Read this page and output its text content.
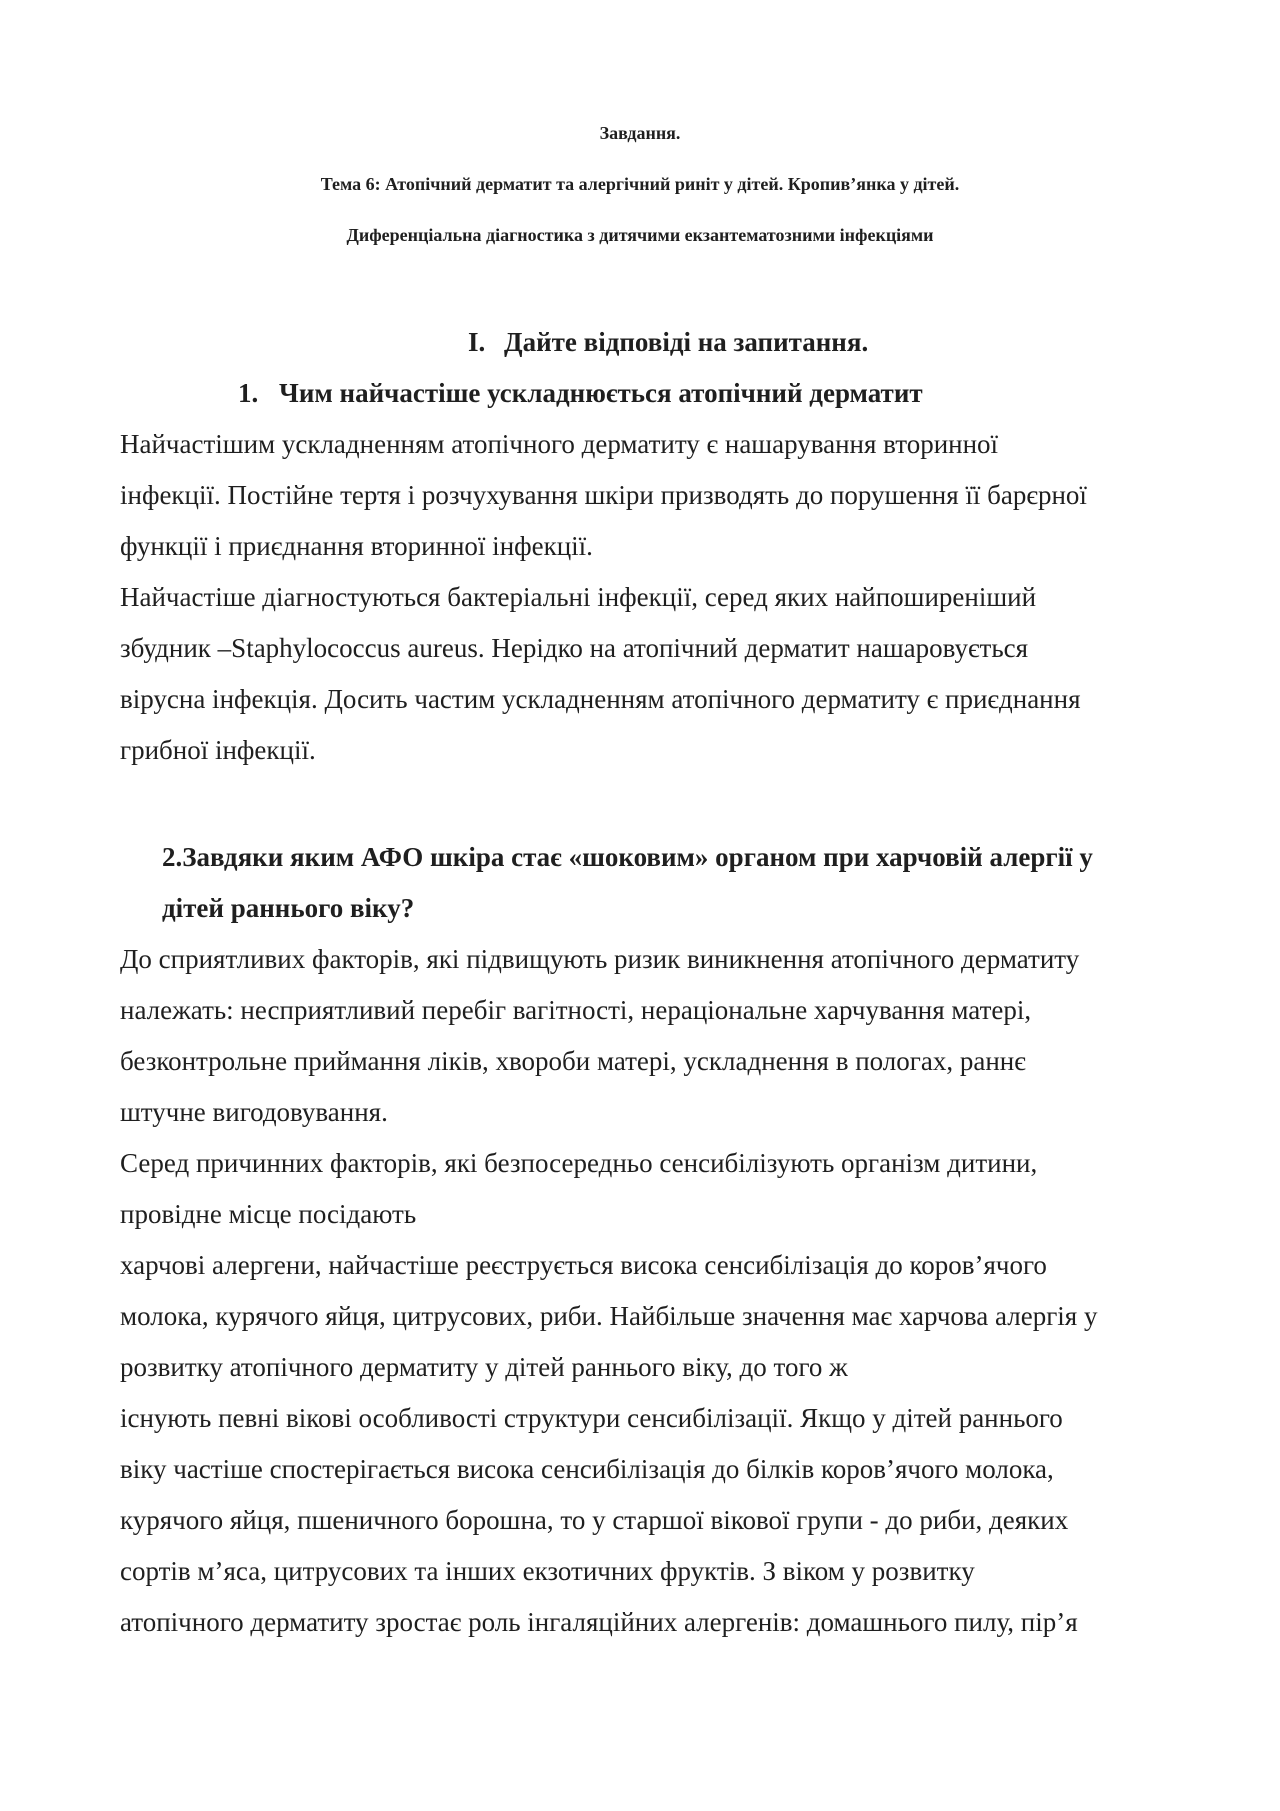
Завдання.

Тема 6: Атопічний дерматит та алергічний риніт у дітей. Кропив’янка у дітей.

Диференціальна діагностика з дитячими екзантематозними інфекціями

I. Дайте відповіді на запитання.

1. Чим найчастіше ускладнюється атопічний дерматит

Найчастішим ускладненням атопічного дерматиту є нашарування вторинної

інфекції. Постійне тертя і розчухування шкіри призводять до порушення її барєрної

функції і приєднання вторинної інфекції.

Найчастіше діагностуються бактеріальні інфекції, серед яких найпоширеніший

збудник –Staphylococcus aureus. Нерідко на атопічний дерматит нашаровується

вірусна інфекція. Досить частим ускладненням атопічного дерматиту є приєднання

грибної інфекції.

2.Завдяки яким АФО шкіра стає «шоковим» органом при харчовій алергії у

дітей раннього віку?

До сприятливих факторів, які підвищують ризик виникнення атопічного дерматиту

належать: несприятливий перебіг вагітності, нераціональне харчування матері,

безконтрольне приймання ліків, хвороби матері, ускладнення в пологах, раннє

штучне вигодовування.

Серед причинних факторів, які безпосередньо сенсибілізують організм дитини,

провідне місце посідають

харчові алергени, найчастіше реєструється висока сенсибілізація до коров’ячого

молока, курячого яйця, цитрусових, риби. Найбільше значення має харчова алергія у

розвитку атопічного дерматиту у дітей раннього віку, до того ж

існують певні вікові особливості структури сенсибілізації. Якщо у дітей раннього

віку частіше спостерігається висока сенсибілізація до білків коров’ячого молока,

курячого яйця, пшеничного борошна, то у старшої вікової групи - до риби, деяких

сортів м’яса, цитрусових та інших екзотичних фруктів. З віком у розвитку

атопічного дерматиту зростає роль інгаляційних алергенів: домашнього пилу, пір’я
